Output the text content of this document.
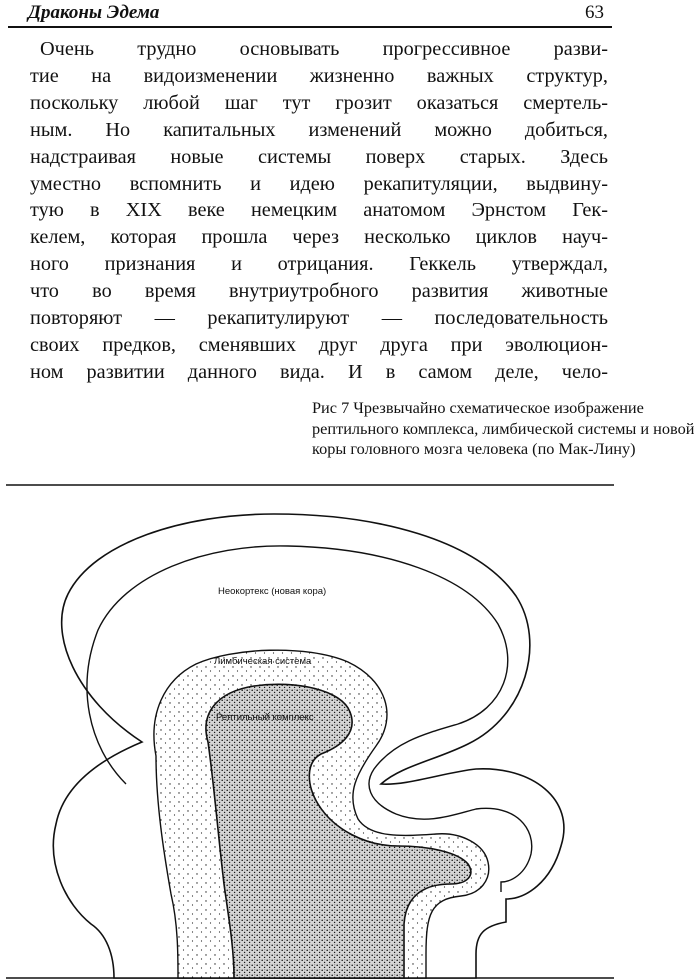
Драконы Эдема	63
Очень трудно основывать прогрессивное разви-
тие на видоизменении жизненно важных структур,
поскольку любой шаг тут грозит оказаться смертель-
ным. Но капитальных изменений можно добиться,
надстраивая новые системы поверх старых. Здесь
уместно вспомнить и идею рекапитуляции, выдвину-
тую в XIX веке немецким анатомом Эрнстом Гек-
келем, которая прошла через несколько циклов науч-
ного признания и отрицания. Геккель утверждал,
что во время внутриутробного развития животные
повторяют — рекапитулируют — последовательность
своих предков, сменявших друг друга при эволюцион-
ном развитии данного вида. И в самом деле, чело-
Рис 7 Чрезвычайно схематическое изображение
рептильного комплекса, лимбической системы и новой
коры головного мозга человека (по Мак-Лину)
Неокортекс (новая кора)
Лимбическая система
Рептильный комплекс
